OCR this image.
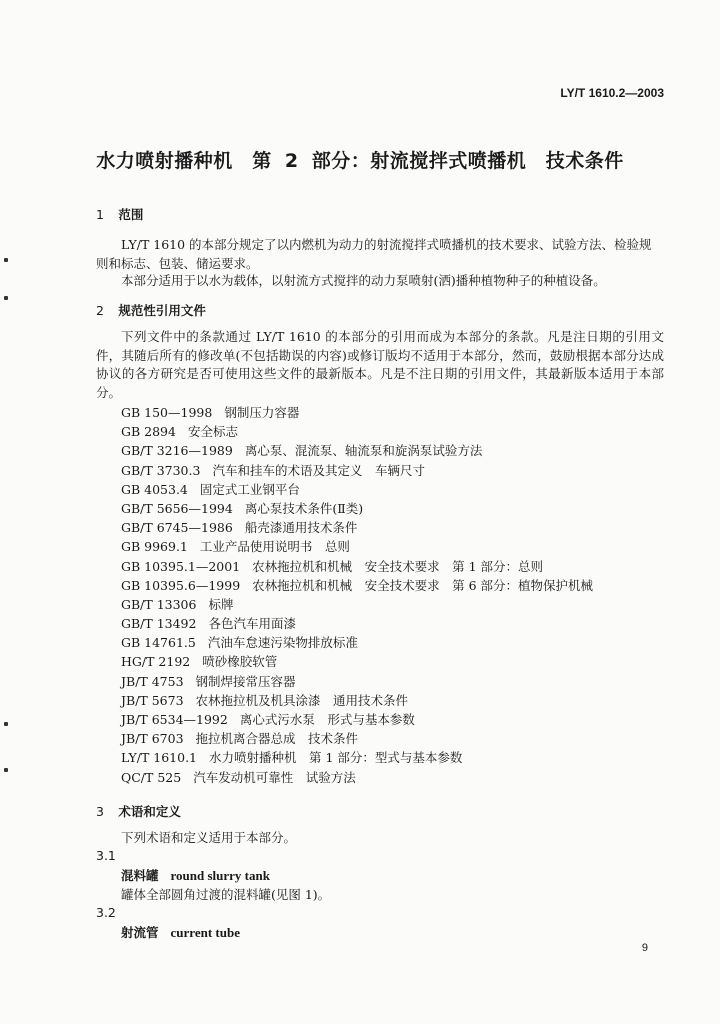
LY/T 1610.2—2003
水力喷射播种机　第 2 部分：射流搅拌式喷播机　技术条件
1 范围
LY/T 1610 的本部分规定了以内燃机为动力的射流搅拌式喷播机的技术要求、试验方法、检验规
则和标志、包装、储运要求。
本部分适用于以水为载体，以射流方式搅拌的动力泵喷射(洒)播种植物种子的种植设备。
2 规范性引用文件
下列文件中的条款通过 LY/T 1610 的本部分的引用而成为本部分的条款。凡是注日期的引用文件，其随后所有的修改单(不包括勘误的内容)或修订版均不适用于本部分，然而，鼓励根据本部分达成协议的各方研究是否可使用这些文件的最新版本。凡是不注日期的引用文件，其最新版本适用于本部分。
GB 150—1998 钢制压力容器
GB 2894 安全标志
GB/T 3216—1989 离心泵、混流泵、轴流泵和旋涡泵试验方法
GB/T 3730.3 汽车和挂车的术语及其定义　车辆尺寸
GB 4053.4 固定式工业钢平台
GB/T 5656—1994 离心泵技术条件(Ⅱ类)
GB/T 6745—1986 船壳漆通用技术条件
GB 9969.1 工业产品使用说明书　总则
GB 10395.1—2001 农林拖拉机和机械　安全技术要求　第 1 部分：总则
GB 10395.6—1999 农林拖拉机和机械　安全技术要求　第 6 部分：植物保护机械
GB/T 13306 标牌
GB/T 13492 各色汽车用面漆
GB 14761.5 汽油车怠速污染物排放标准
HG/T 2192 喷砂橡胶软管
JB/T 4753 钢制焊接常压容器
JB/T 5673 农林拖拉机及机具涂漆　通用技术条件
JB/T 6534—1992 离心式污水泵　形式与基本参数
JB/T 6703 拖拉机离合器总成　技术条件
LY/T 1610.1 水力喷射播种机　第 1 部分：型式与基本参数
QC/T 525 汽车发动机可靠性　试验方法
3 术语和定义
下列术语和定义适用于本部分。
3.1
混料罐 round slurry tank
罐体全部圆角过渡的混料罐(见图 1)。
3.2
射流管 current tube
9
